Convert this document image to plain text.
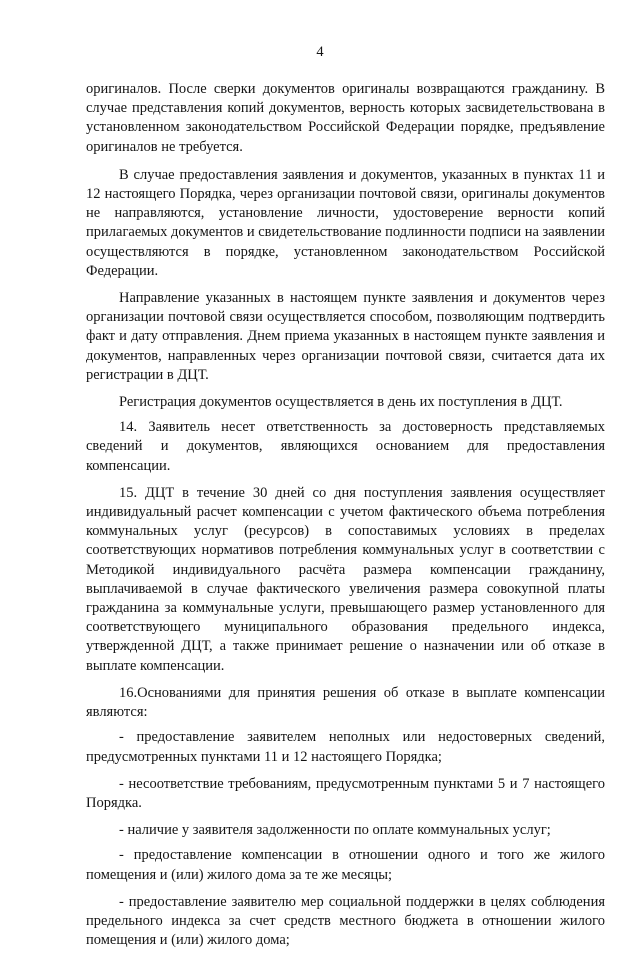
4

оригиналов. После сверки документов оригиналы возвращаются гражданину. В случае представления копий документов, верность которых засвидетельствована в установленном законодательством Российской Федерации порядке, предъявление оригиналов не требуется.

В случае предоставления заявления и документов, указанных в пунктах 11 и 12 настоящего Порядка, через организации почтовой связи, оригиналы документов не направляются, установление личности, удостоверение верности копий прилагаемых документов и свидетельствование подлинности подписи на заявлении осуществляются в порядке, установленном законодательством Российской Федерации.

Направление указанных в настоящем пункте заявления и документов через организации почтовой связи осуществляется способом, позволяющим подтвердить факт и дату отправления. Днем приема указанных в настоящем пункте заявления и документов, направленных через организации почтовой связи, считается дата их регистрации в ДЦТ.

Регистрация документов осуществляется в день их поступления в ДЦТ.

14. Заявитель несет ответственность за достоверность представляемых сведений и документов, являющихся основанием для предоставления компенсации.

15. ДЦТ в течение 30 дней со дня поступления заявления осуществляет индивидуальный расчет компенсации с учетом фактического объема потребления коммунальных услуг (ресурсов) в сопоставимых условиях в пределах соответствующих нормативов потребления коммунальных услуг в соответствии с Методикой индивидуального расчёта размера компенсации гражданину, выплачиваемой в случае фактического увеличения размера совокупной платы гражданина за коммунальные услуги, превышающего размер установленного для соответствующего муниципального образования предельного индекса, утвержденной ДЦТ, а также принимает решение о назначении или об отказе в выплате компенсации.

16.Основаниями для принятия решения об отказе в выплате компенсации являются:

- предоставление заявителем неполных или недостоверных сведений, предусмотренных пунктами 11 и 12 настоящего Порядка;

- несоответствие требованиям, предусмотренным пунктами 5 и 7 настоящего Порядка.

- наличие у заявителя задолженности по оплате коммунальных услуг;

- предоставление компенсации в отношении одного и того же жилого помещения и (или) жилого дома за те же месяцы;

- предоставление заявителю мер социальной поддержки в целях соблюдения предельного индекса за счет средств местного бюджета в отношении жилого помещения и (или) жилого дома;
